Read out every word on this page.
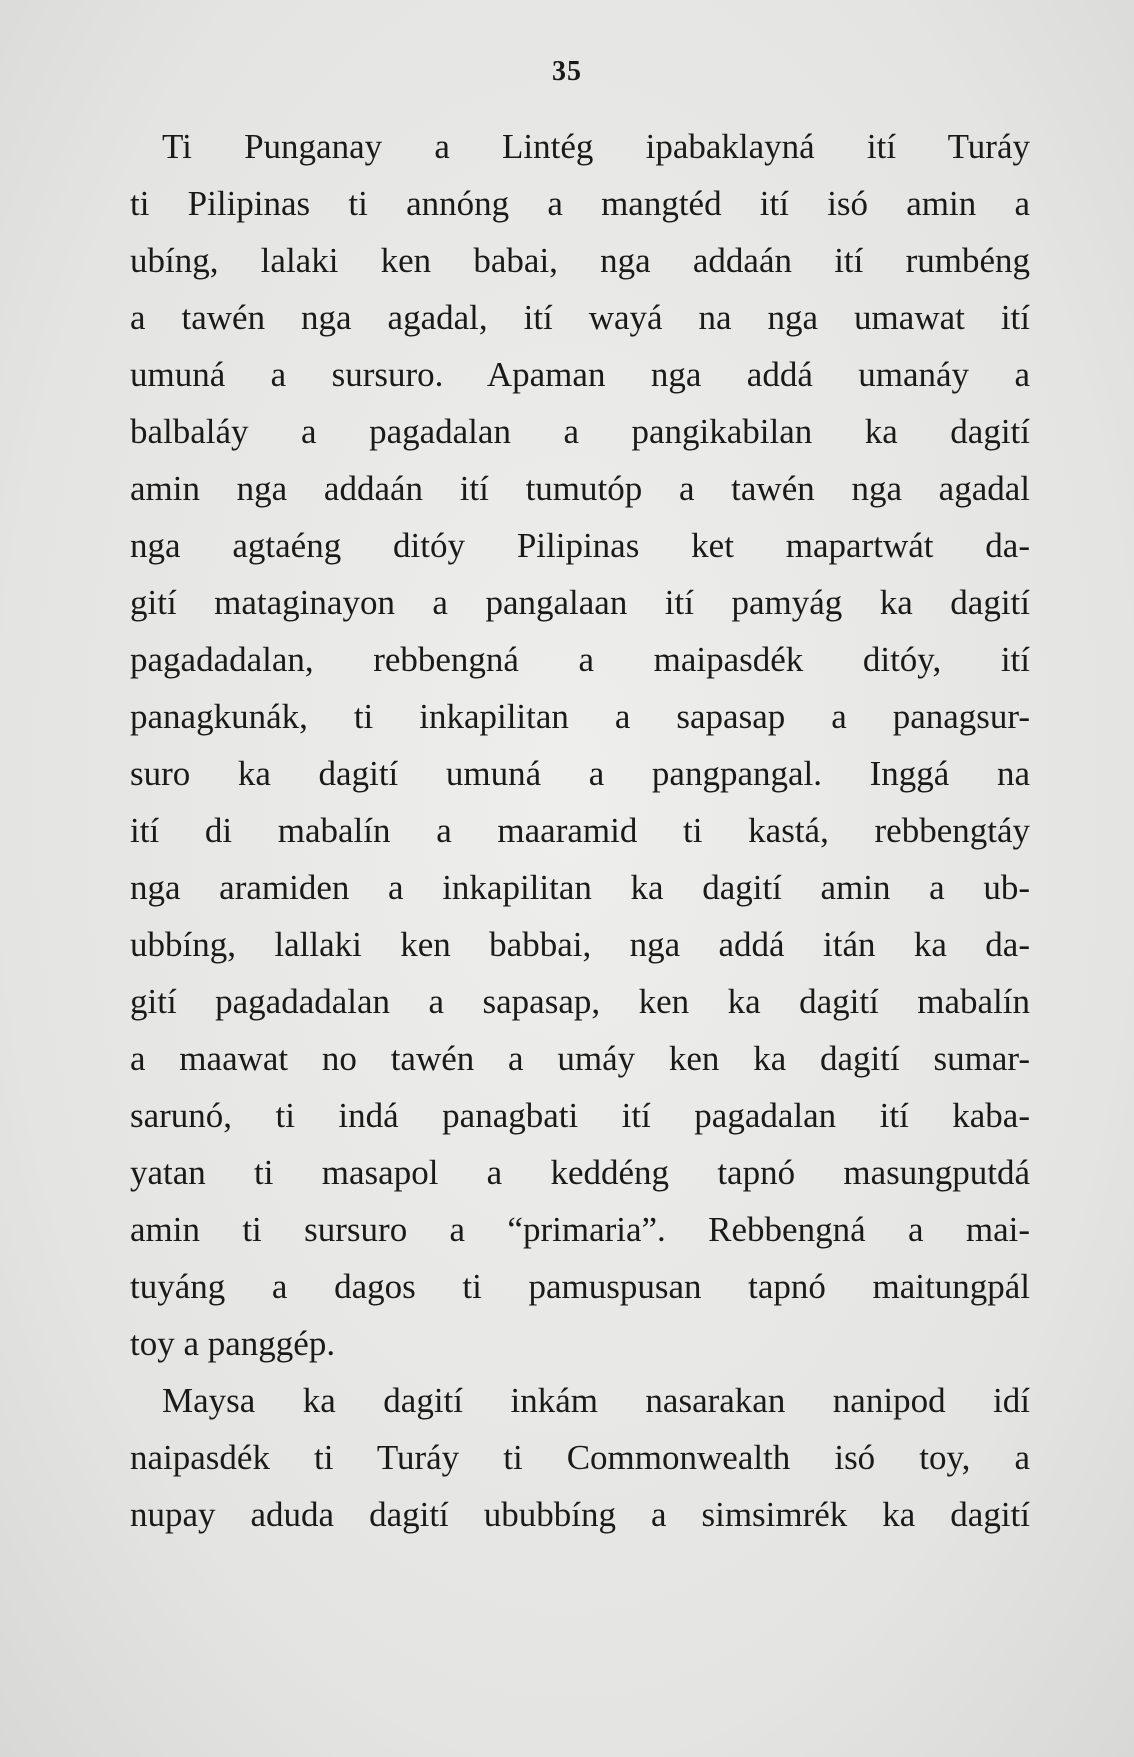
35

Ti Punganay a Lintég ipabaklayná ití Turáy
ti Pilipinas ti annóng a mangtéd ití isó amin a
ubíng, lalaki ken babai, nga addaán ití rumbéng
a tawén nga agadal, ití wayá na nga umawat ití
umuná a sursuro. Apaman nga addá umanáy a
balbaláy a pagadalan a pangikabilan ka dagití
amin nga addaán ití tumutóp a tawén nga agadal
nga agtaéng ditóy Pilipinas ket mapartwát da-
gití mataginayon a pangalaan ití pamyág ka dagití
pagadadalan, rebbengná a maipasdék ditóy, ití
panagkunák, ti inkapilitan a sapasap a panagsur-
suro ka dagití umuná a pangpangal. Inggá na
ití di mabalín a maaramid ti kastá, rebbengtáy
nga aramiden a inkapilitan ka dagití amin a ub-
ubbíng, lallaki ken babbai, nga addá itán ka da-
gití pagadadalan a sapasap, ken ka dagití mabalín
a maawat no tawén a umáy ken ka dagití sumar-
sarunó, ti indá panagbati ití pagadalan ití kaba-
yatan ti masapol a keddéng tapnó masungputdá
amin ti sursuro a “primaria”. Rebbengná a mai-
tuyáng a dagos ti pamuspusan tapnó maitungpál
toy a panggép.

Maysa ka dagití inkám nasarakan nanipod idí
naipasdék ti Turáy ti Commonwealth isó toy, a
nupay aduda dagití ububbíng a simsimrék ka dagití
